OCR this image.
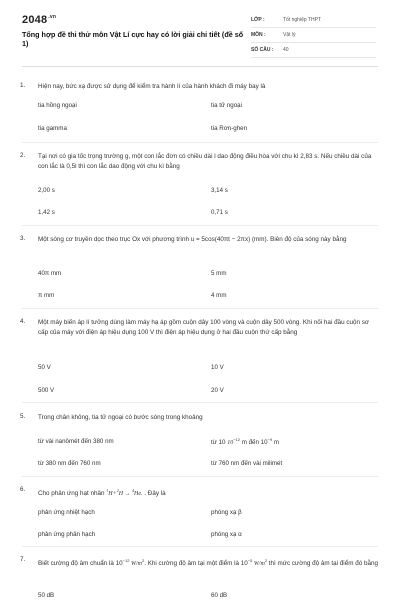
$2048^{.vn}$
Tổng hợp đề thi thử môn Vật Lí cực hay có lời giải chi tiết (đề số 1)
LỚP :	Tốt nghiệp THPT
MÔN :	Vật lý
SỐ CÂU :	40
1. Hiện nay, bức xạ được sử dụng để kiểm tra hành lí của hành khách đi máy bay là
tia hồng ngoại	tia tử ngoại
tia gamma	tia Rơn-ghen
2. Tại nơi có gia tốc trọng trường g, một con lắc đơn có chiều dài l dao động điều hòa với chu kì 2,83 s. Nếu chiều dài của con lắc là 0,5l thì con lắc dao động với chu kì bằng
2,00 s	3,14 s
1,42 s	0,71 s
3. Một sóng cơ truyền dọc theo trục Ox với phương trình u = 5cos(40πt − 2πx) (mm). Biên độ của sóng này bằng
40π mm	5 mm
π mm	4 mm
4. Một máy biến áp lí tưởng dùng làm máy hạ áp gồm cuộn dây 100 vòng và cuộn dây 500 vòng. Khi nối hai đầu cuộn sơ cấp của máy với điện áp hiệu dụng 100 V thì điện áp hiệu dụng ở hai đầu cuộn thứ cấp bằng
50 V	10 V
500 V	20 V
5. Trong chân không, tia tử ngoại có bước sóng trong khoảng
từ vài nanômét đến 380 nm	từ 10 $10^{-12}$ m đến $10^{-9}$ m
từ 380 nm đến 760 nm	từ 760 nm đến vài milimét
6.
Cho phản ứng hạt nhân $^1$H+$^2$H → $^4$He. . Đây là
phản ứng nhiệt hạch	phóng xạ β
phản ứng phân hạch	phóng xạ α
7.
Biết cường độ âm chuẩn là $10^{-12}$ $W/m^2$. Khi cường độ âm tại một điểm là $10^{-5}$ $W/m^2$ thì mức cường độ âm tại điểm đó bằng
50 dB	60 dB
